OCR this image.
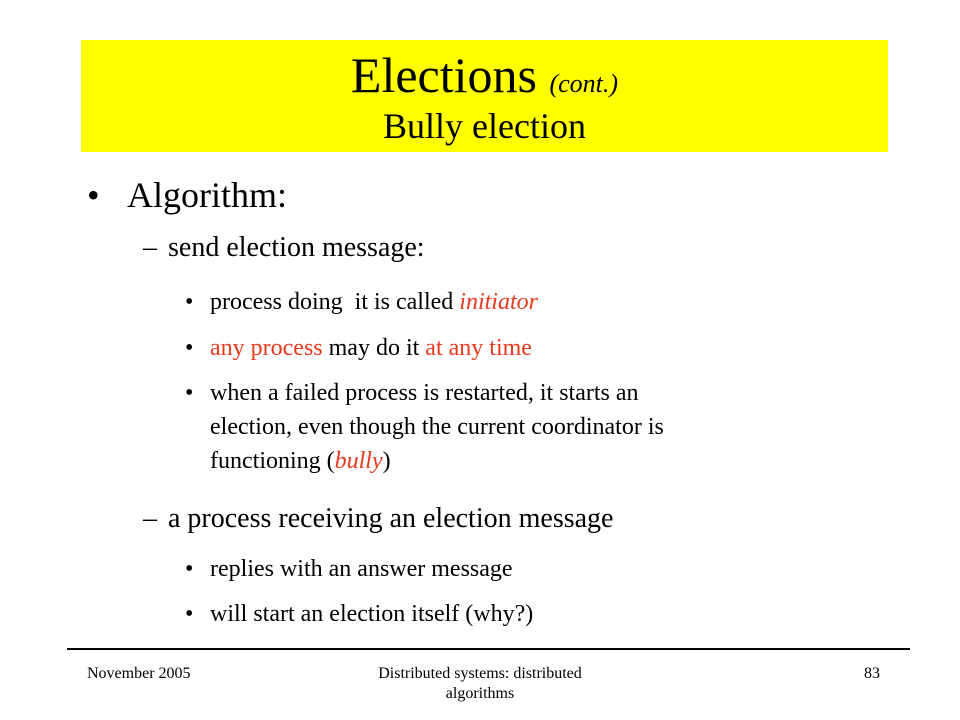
Elections (cont.)
Bully election
• Algorithm:
– send election message:
• process doing  it is called initiator
• any process may do it at any time
• when a failed process is restarted, it starts an
election, even though the current coordinator is
functioning (bully)
– a process receiving an election message
• replies with an answer message
• will start an election itself (why?)
November 2005	Distributed systems: distributed
algorithms
83
